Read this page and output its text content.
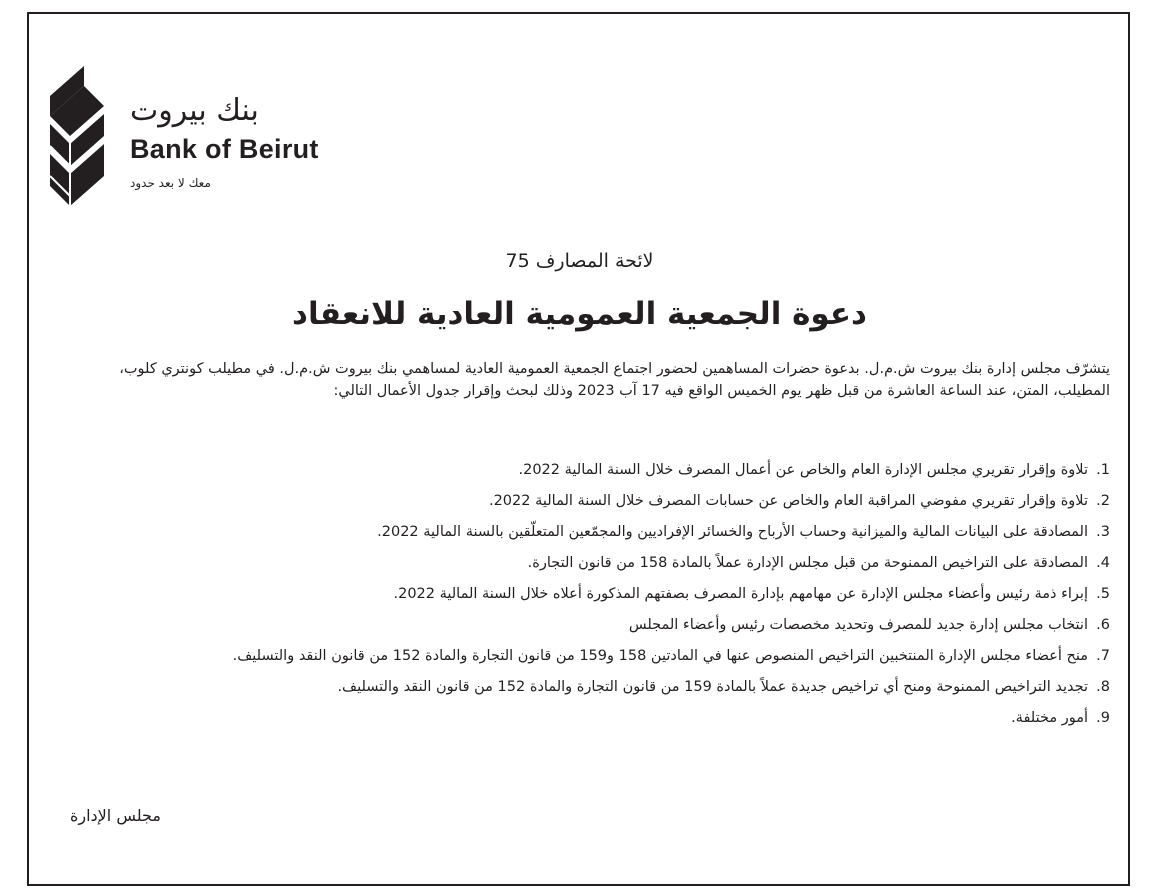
بنك بيروت
Bank of Beirut
معك لا بعد حدود
لائحة المصارف 75
دعوة الجمعية العمومية العادية للانعقاد
يتشرّف مجلس إدارة بنك بيروت ش.م.ل. بدعوة حضرات المساهمين لحضور اجتماع الجمعية العمومية العادية لمساهمي بنك بيروت ش.م.ل. في مطيلب كونتري كلوب، المطيلب، المتن، عند الساعة العاشرة من قبل ظهر يوم الخميس الواقع فيه 17 آب 2023 وذلك لبحث وإقرار جدول الأعمال التالي:
1.
تلاوة وإقرار تقريري مجلس الإدارة العام والخاص عن أعمال المصرف خلال السنة المالية 2022.
2.
تلاوة وإقرار تقريري مفوضي المراقبة العام والخاص عن حسابات المصرف خلال السنة المالية 2022.
3.
المصادقة على البيانات المالية والميزانية وحساب الأرباح والخسائر الإفراديين والمجمّعين المتعلّقين بالسنة المالية 2022.
4.
المصادقة على التراخيص الممنوحة من قبل مجلس الإدارة عملاً بالمادة 158 من قانون التجارة.
5.
إبراء ذمة رئيس وأعضاء مجلس الإدارة عن مهامهم بإدارة المصرف بصفتهم المذكورة أعلاه خلال السنة المالية 2022.
6.
انتخاب مجلس إدارة جديد للمصرف وتحديد مخصصات رئيس وأعضاء المجلس
7.
منح أعضاء مجلس الإدارة المنتخبين التراخيص المنصوص عنها في المادتين 158 و159 من قانون التجارة والمادة 152 من قانون النقد والتسليف.
8.
تجديد التراخيص الممنوحة ومنح أي تراخيص جديدة عملاً بالمادة 159 من قانون التجارة والمادة 152 من قانون النقد والتسليف.
9.
أمور مختلفة.
مجلس الإدارة
